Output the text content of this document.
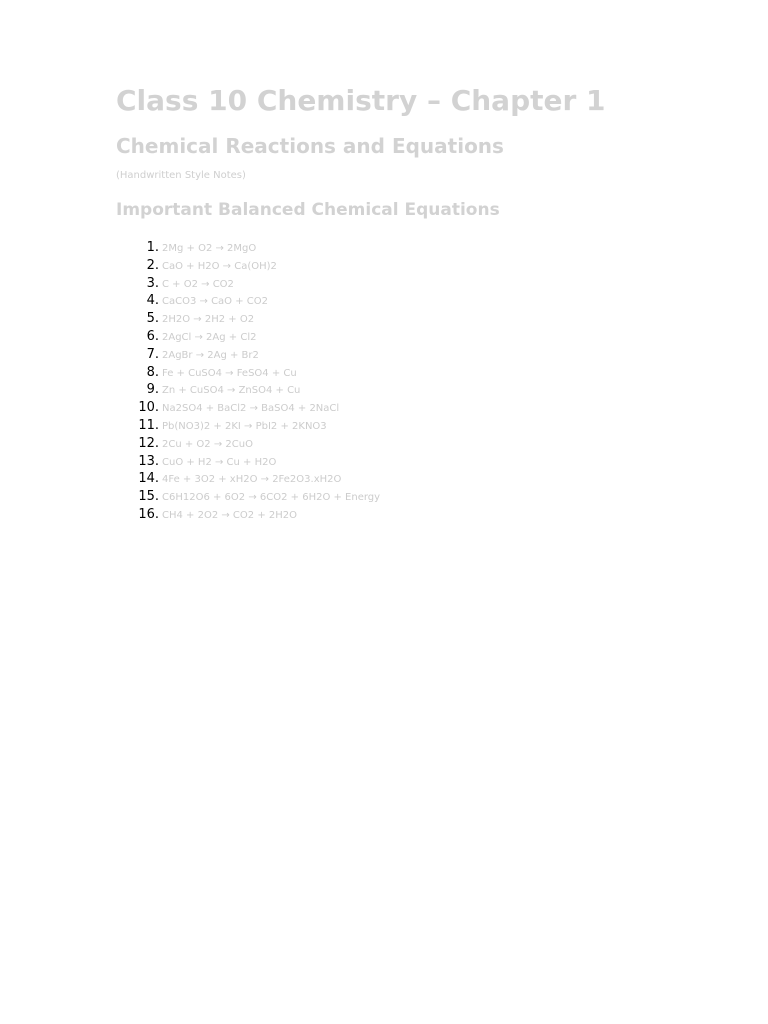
Class 10 Chemistry – Chapter 1
Chemical Reactions and Equations

(Handwritten Style Notes)

Important Balanced Chemical Equations
1. 2Mg + O2 → 2MgO
2. CaO + H2O → Ca(OH)2
3. C + O2 → CO2
4. CaCO3 → CaO + CO2
5. 2H2O → 2H2 + O2
6. 2AgCl → 2Ag + Cl2
7. 2AgBr → 2Ag + Br2
8. Fe + CuSO4 → FeSO4 + Cu
9. Zn + CuSO4 → ZnSO4 + Cu
10. Na2SO4 + BaCl2 → BaSO4 + 2NaCl
11. Pb(NO3)2 + 2KI → PbI2 + 2KNO3
12. 2Cu + O2 → 2CuO
13. CuO + H2 → Cu + H2O
14. 4Fe + 3O2 + xH2O → 2Fe2O3.xH2O
15. C6H12O6 + 6O2 → 6CO2 + 6H2O + Energy
16. CH4 + 2O2 → CO2 + 2H2O
